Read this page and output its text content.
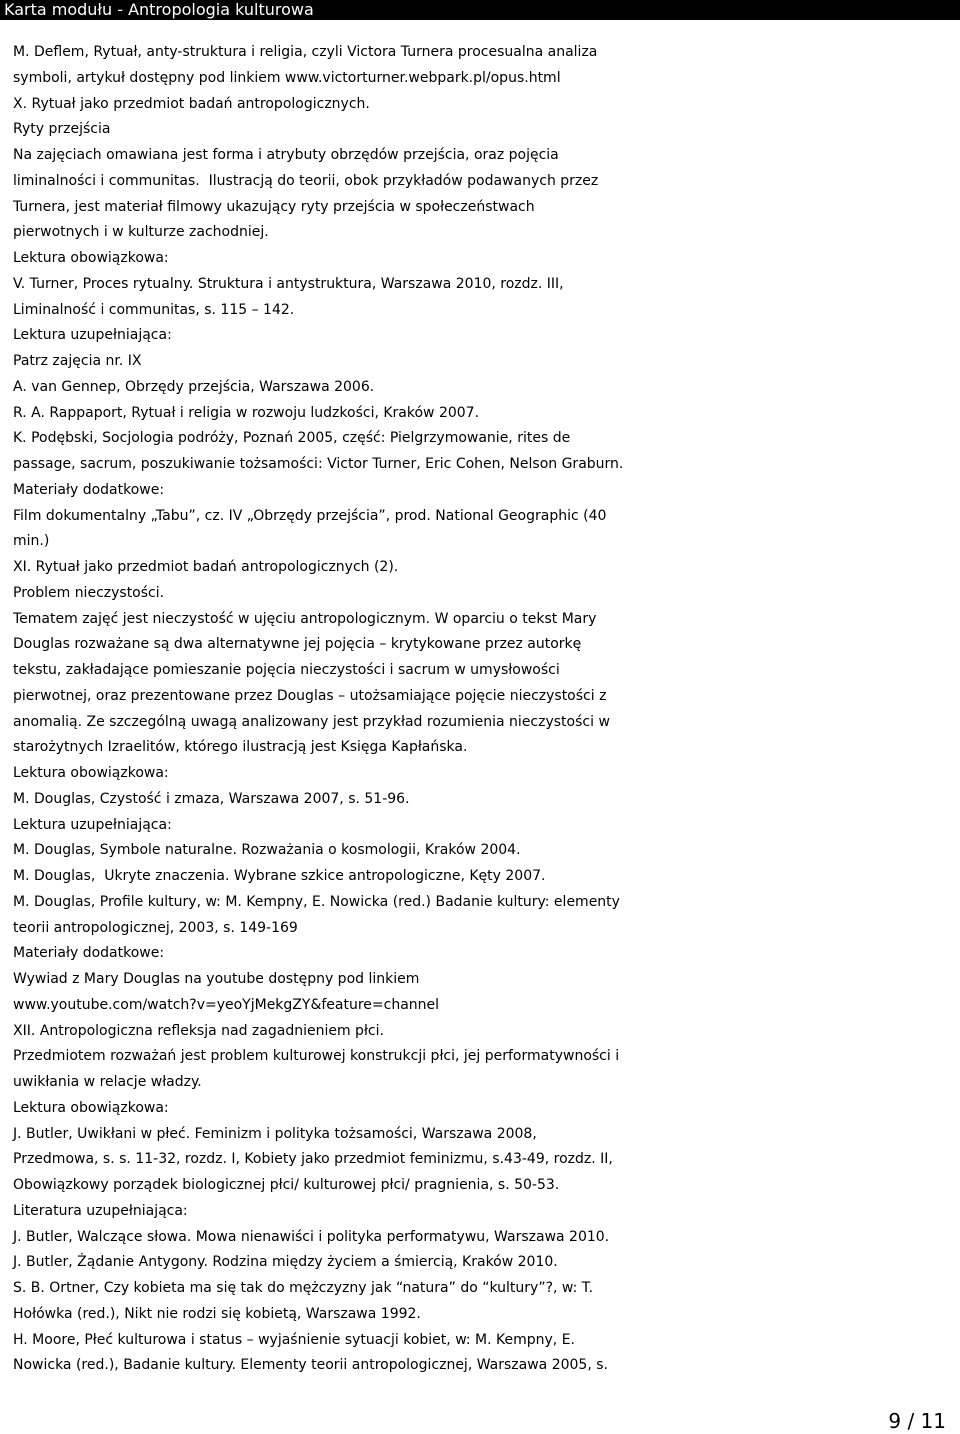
Karta modułu - Antropologia kulturowa
M. Deflem, Rytuał, anty-struktura i religia, czyli Victora Turnera procesualna analiza
symboli, artykuł dostępny pod linkiem www.victorturner.webpark.pl/opus.html
X. Rytuał jako przedmiot badań antropologicznych.
Ryty przejścia
Na zajęciach omawiana jest forma i atrybuty obrzędów przejścia, oraz pojęcia
liminalności i communitas.  Ilustracją do teorii, obok przykładów podawanych przez
Turnera, jest materiał filmowy ukazujący ryty przejścia w społeczeństwach
pierwotnych i w kulturze zachodniej.
Lektura obowiązkowa:
V. Turner, Proces rytualny. Struktura i antystruktura, Warszawa 2010, rozdz. III,
Liminalność i communitas, s. 115 – 142.
Lektura uzupełniająca:
Patrz zajęcia nr. IX
A. van Gennep, Obrzędy przejścia, Warszawa 2006.
R. A. Rappaport, Rytuał i religia w rozwoju ludzkości, Kraków 2007.
K. Podębski, Socjologia podróży, Poznań 2005, część: Pielgrzymowanie, rites de
passage, sacrum, poszukiwanie tożsamości: Victor Turner, Eric Cohen, Nelson Graburn.
Materiały dodatkowe:
Film dokumentalny „Tabu”, cz. IV „Obrzędy przejścia”, prod. National Geographic (40
min.)
XI. Rytuał jako przedmiot badań antropologicznych (2).
Problem nieczystości.
Tematem zajęć jest nieczystość w ujęciu antropologicznym. W oparciu o tekst Mary
Douglas rozważane są dwa alternatywne jej pojęcia – krytykowane przez autorkę
tekstu, zakładające pomieszanie pojęcia nieczystości i sacrum w umysłowości
pierwotnej, oraz prezentowane przez Douglas – utożsamiające pojęcie nieczystości z
anomalią. Ze szczególną uwagą analizowany jest przykład rozumienia nieczystości w
starożytnych Izraelitów, którego ilustracją jest Księga Kapłańska.
Lektura obowiązkowa:
M. Douglas, Czystość i zmaza, Warszawa 2007, s. 51-96.
Lektura uzupełniająca:
M. Douglas, Symbole naturalne. Rozważania o kosmologii, Kraków 2004.
M. Douglas,  Ukryte znaczenia. Wybrane szkice antropologiczne, Kęty 2007.
M. Douglas, Profile kultury, w: M. Kempny, E. Nowicka (red.) Badanie kultury: elementy
teorii antropologicznej, 2003, s. 149-169
Materiały dodatkowe:
Wywiad z Mary Douglas na youtube dostępny pod linkiem
www.youtube.com/watch?v=yeoYjMekgZY&feature=channel
XII. Antropologiczna refleksja nad zagadnieniem płci.
Przedmiotem rozważań jest problem kulturowej konstrukcji płci, jej performatywności i
uwikłania w relacje władzy.
Lektura obowiązkowa:
J. Butler, Uwikłani w płeć. Feminizm i polityka tożsamości, Warszawa 2008,
Przedmowa, s. s. 11-32, rozdz. I, Kobiety jako przedmiot feminizmu, s.43-49, rozdz. II,
Obowiązkowy porządek biologicznej płci/ kulturowej płci/ pragnienia, s. 50-53.
Literatura uzupełniająca:
J. Butler, Walczące słowa. Mowa nienawiści i polityka performatywu, Warszawa 2010.
J. Butler, Żądanie Antygony. Rodzina między życiem a śmiercią, Kraków 2010.
S. B. Ortner, Czy kobieta ma się tak do mężczyzny jak “natura” do “kultury”?, w: T.
Hołówka (red.), Nikt nie rodzi się kobietą, Warszawa 1992.
H. Moore, Płeć kulturowa i status – wyjaśnienie sytuacji kobiet, w: M. Kempny, E.
Nowicka (red.), Badanie kultury. Elementy teorii antropologicznej, Warszawa 2005, s.
9 / 11
